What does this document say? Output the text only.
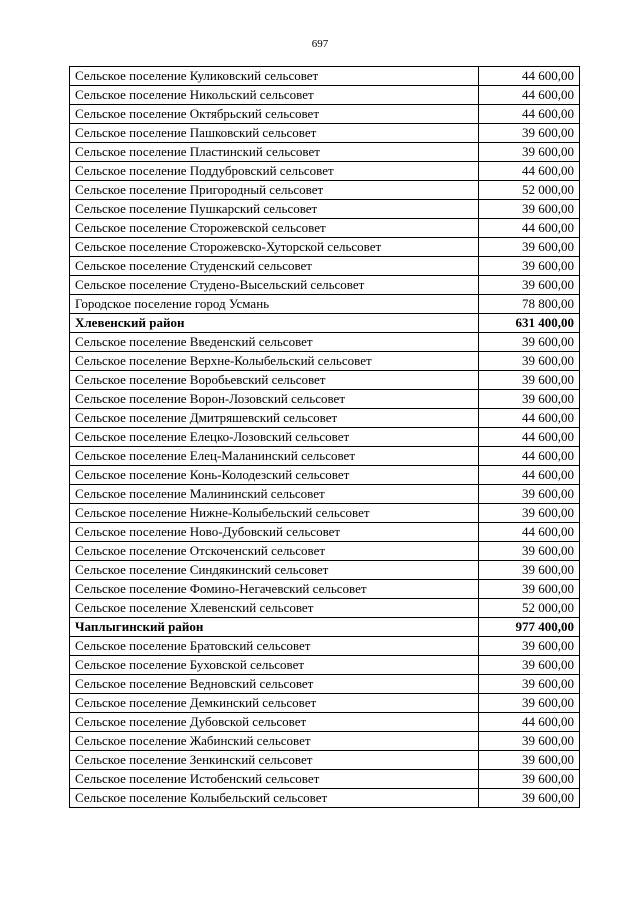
697
Сельское поселение Куликовский сельсовет	44 600,00
Сельское поселение Никольский сельсовет	44 600,00
Сельское поселение Октябрьский сельсовет	44 600,00
Сельское поселение Пашковский сельсовет	39 600,00
Сельское поселение Пластинский сельсовет	39 600,00
Сельское поселение Поддубровский сельсовет	44 600,00
Сельское поселение Пригородный сельсовет	52 000,00
Сельское поселение Пушкарский сельсовет	39 600,00
Сельское поселение Сторожевской сельсовет	44 600,00
Сельское поселение Сторожевско-Хуторской сельсовет	39 600,00
Сельское поселение Студенский сельсовет	39 600,00
Сельское поселение Студено-Высельский сельсовет	39 600,00
Городское поселение город Усмань	78 800,00
Хлевенский район	631 400,00
Сельское поселение Введенский сельсовет	39 600,00
Сельское поселение Верхне-Колыбельский сельсовет	39 600,00
Сельское поселение Воробьевский сельсовет	39 600,00
Сельское поселение Ворон-Лозовский сельсовет	39 600,00
Сельское поселение Дмитряшевский сельсовет	44 600,00
Сельское поселение Елецко-Лозовский сельсовет	44 600,00
Сельское поселение Елец-Маланинский сельсовет	44 600,00
Сельское поселение Конь-Колодезский сельсовет	44 600,00
Сельское поселение Малининский сельсовет	39 600,00
Сельское поселение Нижне-Колыбельский сельсовет	39 600,00
Сельское поселение Ново-Дубовский сельсовет	44 600,00
Сельское поселение Отскоченский сельсовет	39 600,00
Сельское поселение Синдякинский сельсовет	39 600,00
Сельское поселение Фомино-Негачевский сельсовет	39 600,00
Сельское поселение Хлевенский сельсовет	52 000,00
Чаплыгинский район	977 400,00
Сельское поселение Братовский сельсовет	39 600,00
Сельское поселение Буховской сельсовет	39 600,00
Сельское поселение Ведновский сельсовет	39 600,00
Сельское поселение Демкинский сельсовет	39 600,00
Сельское поселение Дубовской сельсовет	44 600,00
Сельское поселение Жабинский сельсовет	39 600,00
Сельское поселение Зенкинский сельсовет	39 600,00
Сельское поселение Истобенский сельсовет	39 600,00
Сельское поселение Колыбельский сельсовет	39 600,00
